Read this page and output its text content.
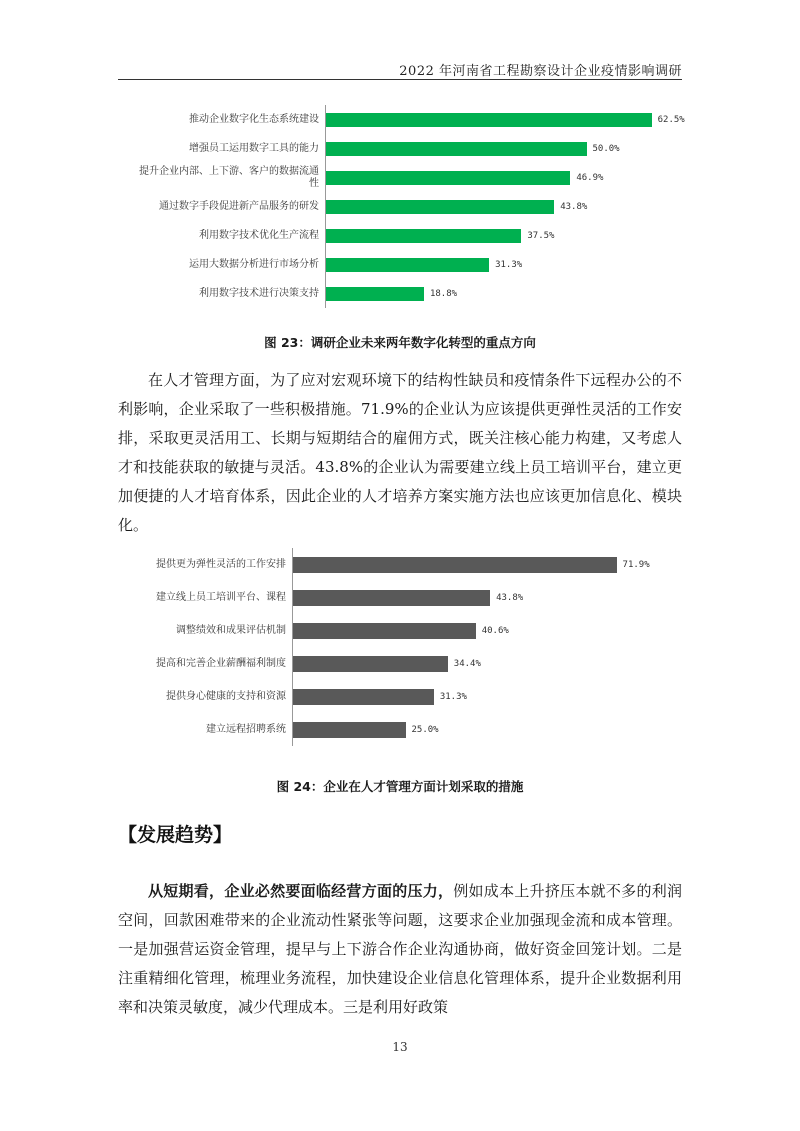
2022 年河南省工程勘察设计企业疫情影响调研
推动企业数字化生态系统建设	62.5%
增强员工运用数字工具的能力	50.0%
提升企业内部、上下游、客户的数据流通性	46.9%
通过数字手段促进新产品服务的研发	43.8%
利用数字技术优化生产流程	37.5%
运用大数据分析进行市场分析	31.3%
利用数字技术进行决策支持	18.8%
图 23：调研企业未来两年数字化转型的重点方向
在人才管理方面，为了应对宏观环境下的结构性缺员和疫情条件下远程办公的不利影响，企业采取了一些积极措施。71.9%的企业认为应该提供更弹性灵活的工作安排，采取更灵活用工、长期与短期结合的雇佣方式，既关注核心能力构建，又考虑人才和技能获取的敏捷与灵活。43.8%的企业认为需要建立线上员工培训平台，建立更加便捷的人才培育体系，因此企业的人才培养方案实施方法也应该更加信息化、模块化。
提供更为弹性灵活的工作安排	71.9%
建立线上员工培训平台、课程	43.8%
调整绩效和成果评估机制	40.6%
提高和完善企业薪酬福利制度	34.4%
提供身心健康的支持和资源	31.3%
建立远程招聘系统	25.0%
图 24：企业在人才管理方面计划采取的措施
【发展趋势】
从短期看，企业必然要面临经营方面的压力，例如成本上升挤压本就不多的利润空间，回款困难带来的企业流动性紧张等问题，这要求企业加强现金流和成本管理。一是加强营运资金管理，提早与上下游合作企业沟通协商，做好资金回笼计划。二是注重精细化管理，梳理业务流程，加快建设企业信息化管理体系，提升企业数据利用率和决策灵敏度，减少代理成本。三是利用好政策
13
